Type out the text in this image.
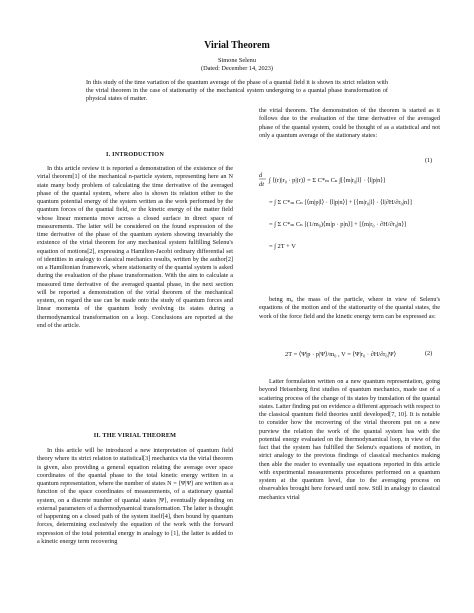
Virial Theorem
Simone Selenu
(Dated: December 14, 2023)
In this study of the time variation of the quantum average of the phase of a quantal field it is shown its strict relation with the virial theorem in the case of stationarity of the mechanical system undergoing to a quantal phase transformation of physical states of matter.
I. INTRODUCTION

In this article review it is reported a demonstration of the existence of the virial theorem[1] of the mechanical n-particle system, representing here an N state many body problem of calculating the time derivative of the averaged phase of the quantal system, where also is shown its relation either to the quantum potential energy of the system written as the work performed by the quantum forces of the quantal field, or the kinetic energy of the matter field whose linear momenta move across a closed surface in direct space of measurements. The latter will be considered on the found expression of the time derivative of the phase of the quantum system showing invariably the existence of the virial theorem for any mechanical system fulfilling Selenu's equation of motions[2], expressing a Hamilton-Jacobi ordinary differential set of identities in analogy to classical mechanics results, written by the author[2] on a Hamiltonian framework, where stationarity of the quantal system is asked during the evaluation of the phase transformation. With the aim to calculate a measured time derivative of the averaged quantal phase, in the next section will be reported a demonstration of the virial theorem of the mechanical system, on regard the use can be made onto the study of quantum forces and linear momenta of the quantum body evolving its states during a thermodynamical transformation on a loop. Conclusions are reported at the end of the article.

II. THE VIRIAL THEOREM

In this article will be introduced a new interpretation of quantum field theory where its strict relation to statistical[3] mechanics via the virial theorem is given, also providing a general equation relating the average over space coordinates of the quantal phase to the total kinetic energy written in a quantum representation, where the number of states N = ⟨Ψ|Ψ⟩ are written as a function of the space coordinates of measurements, of a stationary quantal system, on a discrete number of quantal states |Ψ⟩, eventually depending on external parameters of a thermodynamical transformation. The latter is thought of happening on a closed path of the system itself[4], then bound by quantum forces, determining exclusively the equation of the work with the forward expression of the total potential energy in analogy to [1], the latter is added to a kinetic energy term recovering

the virial theorem. The demonstration of the theorem is started as it follows due to the evaluation of the time derivative of the averaged phase of the quantal system, could be thought of as a statistical and not only a quantum average of the stationary states:

(1)
d
dt
∫ ⟨(r)|r₀ · p|(r)⟩ = Σ C*ₘ Cₙ ∫[⟨m|r₀|l⟩ · ⟨l|p|n⟩]
= ∫ Σ C*ₘ Cₙ [⟨m|p|l⟩ · ⟨l|p|n⟩] + [⟨m|r₀|l⟩ · ⟨l|∂H/∂r₀|n⟩]
= ∫ Σ C*ₘ Cₙ [(1/m₀)⟨m|p · p|n⟩] + [⟨m|r₀ · ∂H/∂r₀|n⟩]
= ∫ 2T + V

being m₀ the mass of the particle, where in view of Selenu's equations of the motion and of the stationarity of the quantal states, the work of the force field and the kinetic energy term can be expressed as:

2T = ⟨Ψ|p · p|Ψ⟩/m₀ , V = ⟨Ψ|r₀ · ∂H/∂r₀|Ψ⟩	(2)

Latter formulation written on a new quantum representation, going beyond Heisenberg first studies of quantum mechanics, made use of a scattering process of the change of its states by translation of the quantal states. Latter finding put on evidence a different approach with respect to the classical quantum field theories until developed[7, 10]. It is notable to consider how the recovering of the virial theorem put on a new purview the relation the work of the quantal system has with the potential energy evaluated on the thermodynamical loop, in view of the fact that the system has fulfilled the Selenu's equations of motion, in strict analogy to the previous findings of classical mechanics making then able the reader to eventually use equations reported in this article with experimental measurements procedures performed on a quantum system at the quantum level, due to the averaging process on observables brought here forward until now. Still in analogy to classical mechanics virial
